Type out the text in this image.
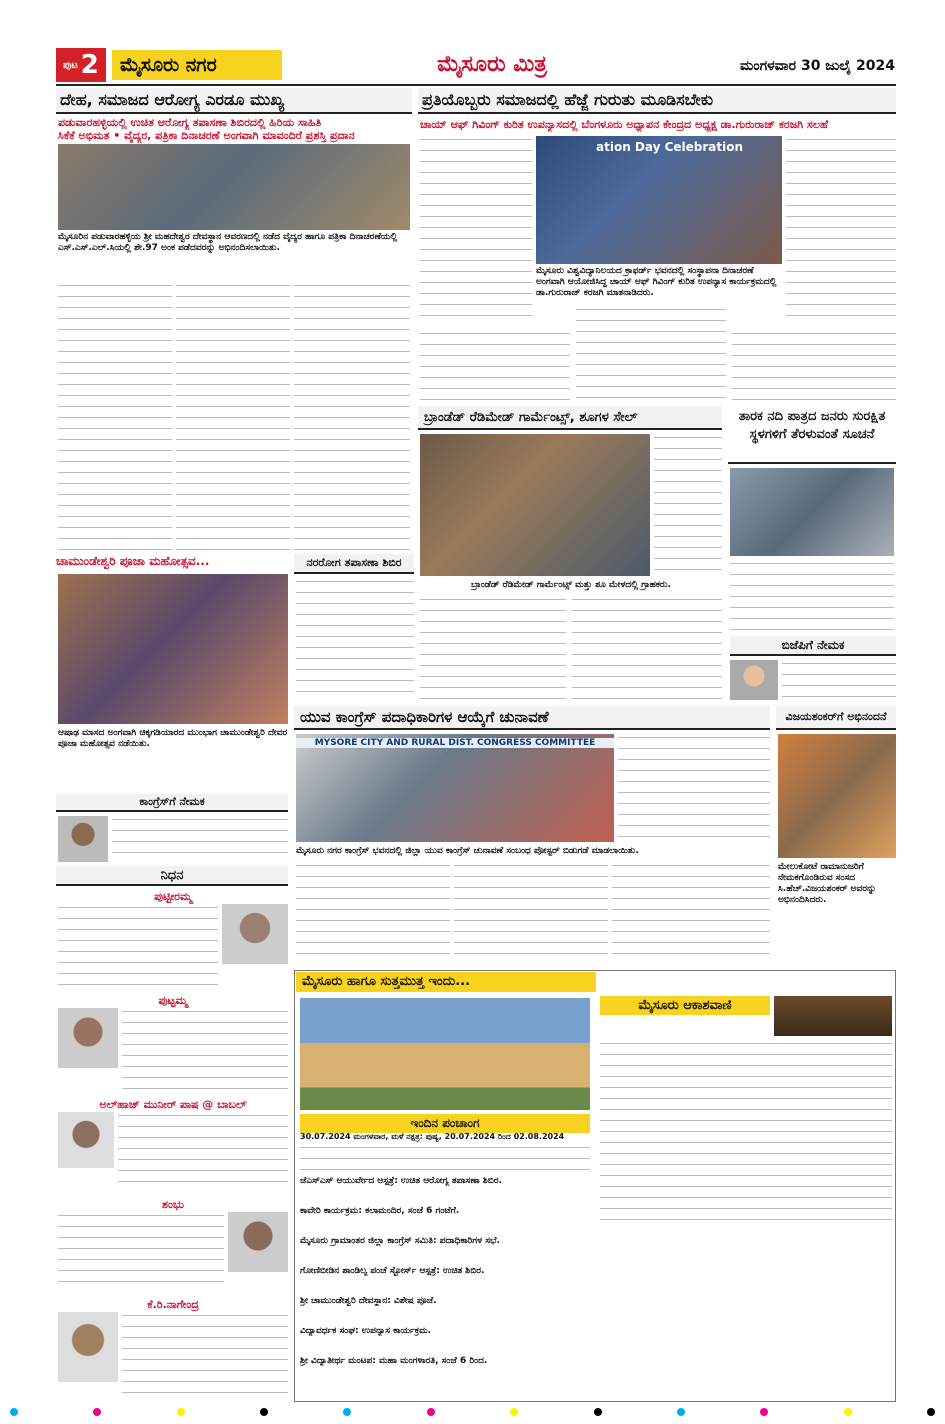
ಪುಟ 2	ಮೈಸೂರು ನಗರ	ಮೈಸೂರು ಮಿತ್ರ	ಮಂಗಳವಾರ 30 ಜುಲೈ 2024
ದೇಹ, ಸಮಾಜದ ಆರೋಗ್ಯ ಎರಡೂ ಮುಖ್ಯ
ಪಡುವಾರಹಳ್ಳಿಯಲ್ಲಿ ಉಚಿತ ಆರೋಗ್ಯ ತಪಾಸಣಾ ಶಿಬಿರದಲ್ಲಿ ಹಿರಿಯ ಸಾಹಿತಿ
ಸಿಕೆಕೆ ಅಭಿಮತ • ವೈದ್ಯರ, ಪತ್ರಿಕಾ ದಿನಾಚರಣೆ ಅಂಗವಾಗಿ ಮಾವಂದಿರೆ ಪ್ರಶಸ್ತಿ ಪ್ರದಾನ
ಮೈಸೂರಿನ ಪಡುವಾರಹಳ್ಳಿಯ ಶ್ರೀ ಮಹದೇಶ್ವರ ದೇವಸ್ಥಾನ ಆವರಣದಲ್ಲಿ ನಡೆದ ವೈದ್ಯರ ಹಾಗೂ ಪತ್ರಿಕಾ ದಿನಾಚರಣೆಯಲ್ಲಿ ಎಸ್.ಎಸ್.ಎಲ್.ಸಿಯಲ್ಲಿ ಶೇ.97 ಅಂಕ ಪಡೆದವರನ್ನು ಅಭಿನಂದಿಸಲಾಯಿತು.
ಪ್ರತಿಯೊಬ್ಬರು ಸಮಾಜದಲ್ಲಿ ಹೆಜ್ಜೆ ಗುರುತು ಮೂಡಿಸಬೇಕು
ಚಾಯ್ ಆಫ್ ಗಿವಿಂಗ್ ಕುರಿತ ಉಪನ್ಯಾಸದಲ್ಲಿ ಬೆಂಗಳೂರು ಅಧ್ಯಾಪನ ಕೇಂದ್ರದ ಅಧ್ಯಕ್ಷ ಡಾ.ಗುರುರಾಜ್ ಕರಜಗಿ ಸಲಹೆ
ation Day Celebration
ಮೈಸೂರು ವಿಶ್ವವಿದ್ಯಾನಿಲಯದ ಕ್ರಾಫರ್ಡ್ ಭವನದಲ್ಲಿ ಸಂಸ್ಥಾಪನಾ ದಿನಾಚರಣೆ ಅಂಗವಾಗಿ ಆಯೋಜಿಸಿದ್ದ ಚಾಯ್ ಆಫ್ ಗಿವಿಂಗ್ ಕುರಿತ ಉಪನ್ಯಾಸ ಕಾರ್ಯಕ್ರಮದಲ್ಲಿ ಡಾ.ಗುರುರಾಜ್ ಕರಜಗಿ ಮಾತನಾಡಿದರು.
ಬ್ರಾಂಡೆಡ್ ರೆಡಿಮೇಡ್ ಗಾರ್ಮೆಂಟ್ಸ್, ಶೂಗಳ ಸೇಲ್
ಬ್ರಾಂಡೆಡ್ ರೆಡಿಮೇಡ್ ಗಾರ್ಮೆಂಟ್ಸ್ ಮತ್ತು ಶೂ ಮೇಳದಲ್ಲಿ ಗ್ರಾಹಕರು.
ತಾರಕ ನದಿ ಪಾತ್ರದ ಜನರು ಸುರಕ್ಷಿತ ಸ್ಥಳಗಳಿಗೆ ತೆರಳುವಂತೆ ಸೂಚನೆ
ಬಿಜೆಪಿಗೆ ನೇಮಕ
ಚಾಮುಂಡೇಶ್ವರಿ ಪೂಜಾ ಮಹೋತ್ಸವ...
ಆಷಾಢ ಮಾಸದ ಅಂಗವಾಗಿ ಚಿಕ್ಕಗಡಿಯಾರದ ಮುಂಭಾಗ ಚಾಮುಂಡೇಶ್ವರಿ ದೇವರ ಪೂಜಾ ಮಹೋತ್ಸವ ನಡೆಯಿತು.
ನರರೋಗ ತಪಾಸಣಾ ಶಿಬಿರ
ಕಾಂಗ್ರೆಸ್‌ಗೆ ನೇಮಕ
ಯುವ ಕಾಂಗ್ರೆಸ್ ಪದಾಧಿಕಾರಿಗಳ ಆಯ್ಕೆಗೆ ಚುನಾವಣೆ
MYSORE CITY AND RURAL DIST. CONGRESS COMMITTEE
ಮೈಸೂರು ನಗರ ಕಾಂಗ್ರೆಸ್ ಭವನದಲ್ಲಿ ಜಿಲ್ಲಾ ಯುವ ಕಾಂಗ್ರೆಸ್ ಚುನಾವಣೆ ಸಂಬಂಧ ಪೋಸ್ಟರ್ ಬಿಡುಗಡೆ ಮಾಡಲಾಯಿತು.
ವಿಜಯಶಂಕರ್‌ಗೆ ಅಭಿನಂದನೆ
ಮೇಲುಕೋಟೆ ರಾಮಾನುಜರಿಗೆ ನೇಮಕಗೊಂಡಿರುವ ಸಂಸದ ಸಿ.ಹೆಚ್.ವಿಜಯಶಂಕರ್ ಅವರನ್ನು ಅಭಿನಂದಿಸಿದರು.
ನಿಧನ
ಪುಟ್ಟೀರಮ್ಮ
ಪುಟ್ಟಮ್ಮ
ಅಲ್‌ಹಾಜ್ ಮುನೀರ್ ಪಾಷ @ ಬಾಬಲ್
ಶಂಭು
ಕೆ.ರಿ.ನಾಗೇಂದ್ರ
ಮೈಸೂರು ಹಾಗೂ ಸುತ್ತಮುತ್ತ ಇಂದು...
ಮೈಸೂರು ಆಕಾಶವಾಣಿ
ಇಂದಿನ ಪಂಚಾಂಗ
30.07.2024 ಮಂಗಳವಾರ, ಮಳೆ ನಕ್ಷತ್ರ: ಪುಷ್ಯ, 20.07.2024 ರಿಂದ 02.08.2024
ಜೆಎಸ್‌ಎಸ್ ಆಯುರ್ವೇದ ಆಸ್ಪತ್ರೆ: ಉಚಿತ ಆರೋಗ್ಯ ತಪಾಸಣಾ ಶಿಬಿರ.
ಕಾವೇರಿ ಕಾರ್ಯಕ್ರಮ: ಕಲಾಮಂದಿರ, ಸಂಜೆ 6 ಗಂಟೆಗೆ.
ಮೈಸೂರು ಗ್ರಾಮಾಂತರ ಜಿಲ್ಲಾ ಕಾಂಗ್ರೆಸ್ ಸಮಿತಿ: ಪದಾಧಿಕಾರಿಗಳ ಸಭೆ.
ಗೋಣಿಬೀಡಿನ ಶಾಂಡಿಲ್ಯ ಪಂಚೆ ಸ್ಟೋರ್ಸ್ ಆಸ್ಪತ್ರೆ: ಉಚಿತ ಶಿಬಿರ.
ಶ್ರೀ ಚಾಮುಂಡೇಶ್ವರಿ ದೇವಸ್ಥಾನ: ವಿಶೇಷ ಪೂಜೆ.
ವಿದ್ಯಾವರ್ಧಕ ಸಂಘ: ಉಪನ್ಯಾಸ ಕಾರ್ಯಕ್ರಮ.
ಶ್ರೀ ವಿದ್ಯಾತೀರ್ಥ ಮಂಟಪ: ಮಹಾ ಮಂಗಳಾರತಿ, ಸಂಜೆ 6 ರಿಂದ.
